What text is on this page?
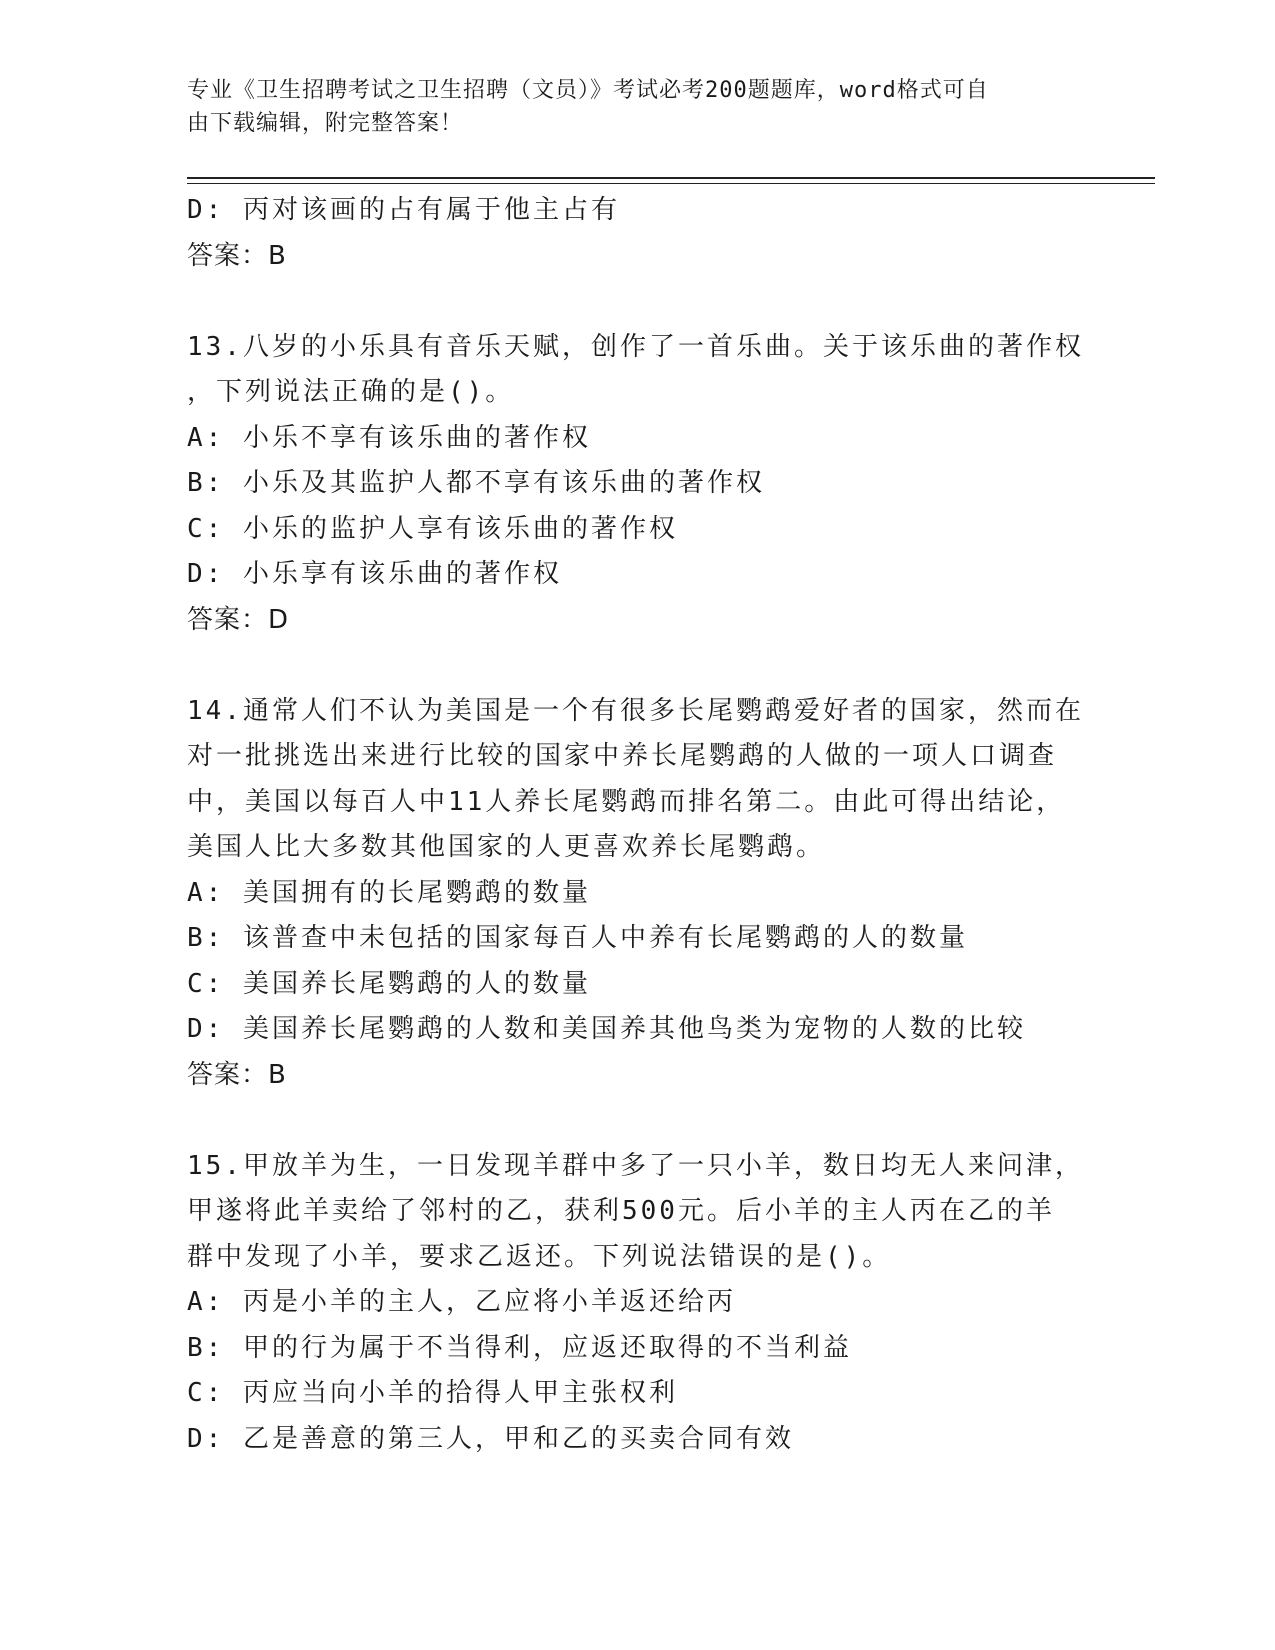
专业《卫生招聘考试之卫生招聘（文员）》考试必考200题题库，word格式可自
由下载编辑，附完整答案！
D: 丙对该画的占有属于他主占有
答案：B
13.八岁的小乐具有音乐天赋，创作了一首乐曲。关于该乐曲的著作权
，下列说法正确的是()。
A: 小乐不享有该乐曲的著作权
B: 小乐及其监护人都不享有该乐曲的著作权
C: 小乐的监护人享有该乐曲的著作权
D: 小乐享有该乐曲的著作权
答案：D
14.通常人们不认为美国是一个有很多长尾鹦鹉爱好者的国家，然而在
对一批挑选出来进行比较的国家中养长尾鹦鹉的人做的一项人口调查
中，美国以每百人中11人养长尾鹦鹉而排名第二。由此可得出结论，
美国人比大多数其他国家的人更喜欢养长尾鹦鹉。
A: 美国拥有的长尾鹦鹉的数量
B: 该普查中未包括的国家每百人中养有长尾鹦鹉的人的数量
C: 美国养长尾鹦鹉的人的数量
D: 美国养长尾鹦鹉的人数和美国养其他鸟类为宠物的人数的比较
答案：B
15.甲放羊为生，一日发现羊群中多了一只小羊，数日均无人来问津，
甲遂将此羊卖给了邻村的乙，获利500元。后小羊的主人丙在乙的羊
群中发现了小羊，要求乙返还。下列说法错误的是()。
A: 丙是小羊的主人，乙应将小羊返还给丙
B: 甲的行为属于不当得利，应返还取得的不当利益
C: 丙应当向小羊的拾得人甲主张权利
D: 乙是善意的第三人，甲和乙的买卖合同有效
